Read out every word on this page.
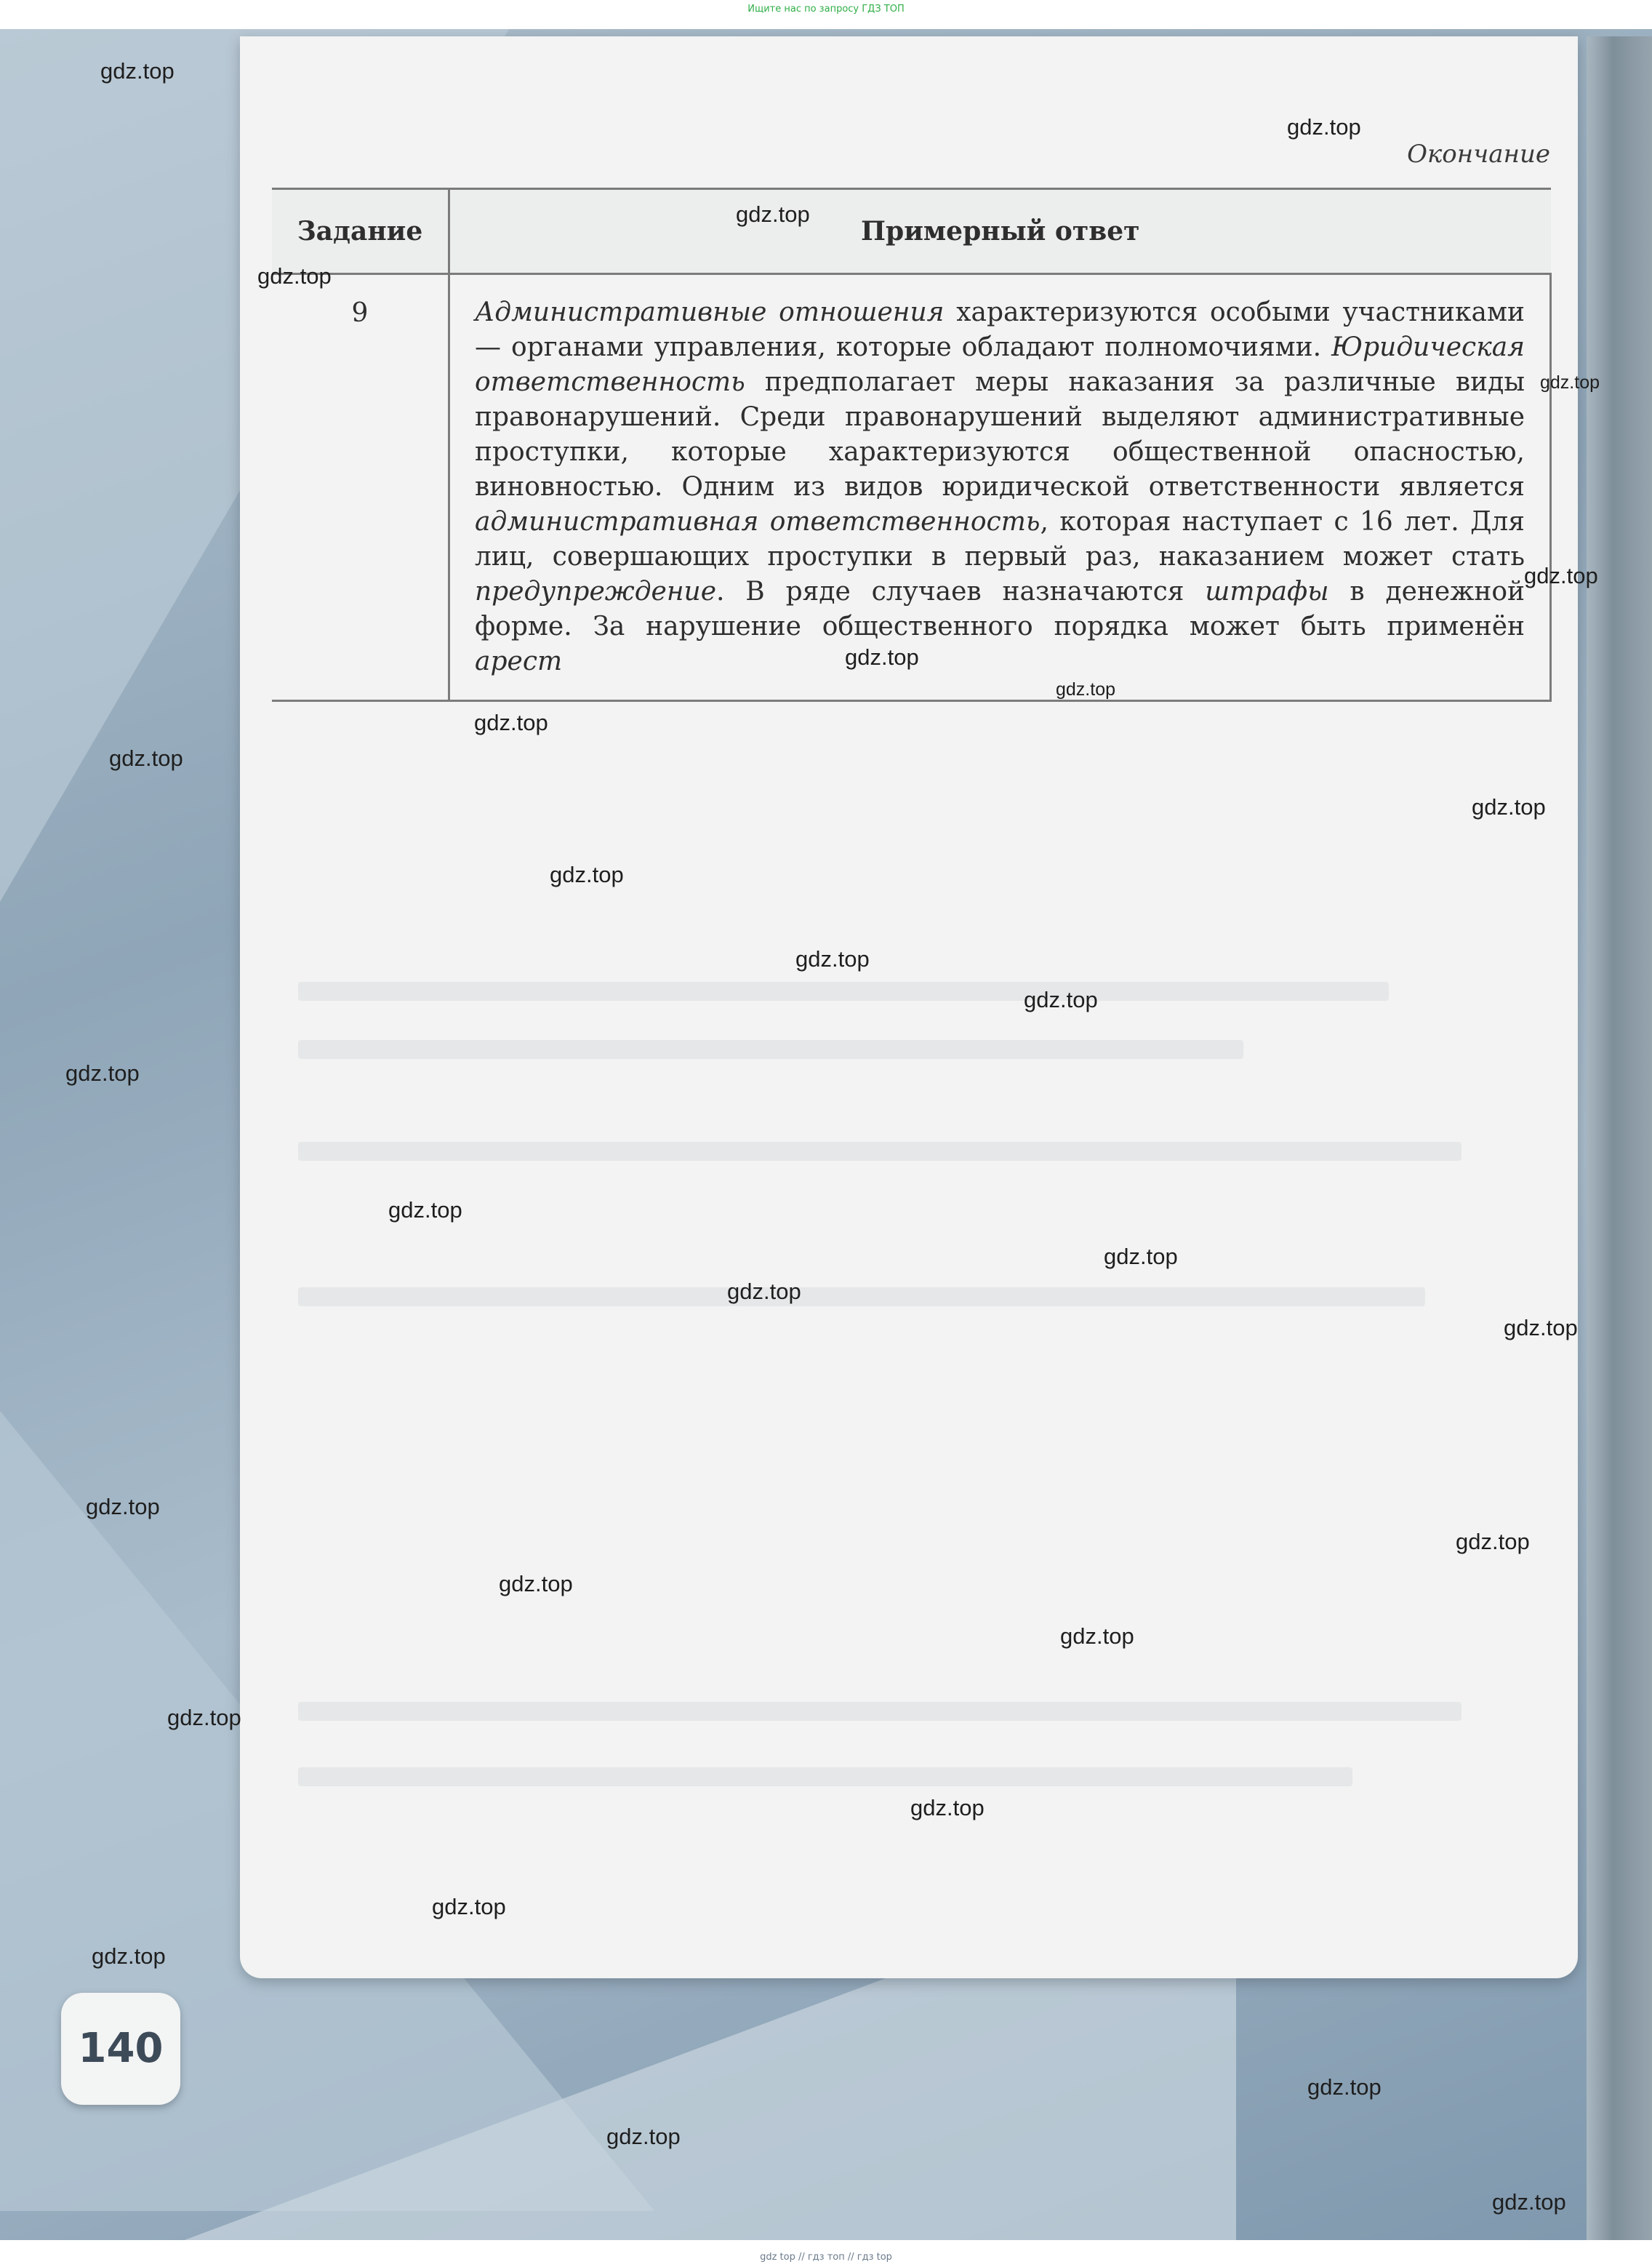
Ищите нас по запросу ГДЗ ТОП
Окончание
Задание	Примерный ответ
9	Административные отношения характеризуются особыми участниками — органами управления, которые обладают полномочиями. Юридическая ответственность предполагает меры наказания за различные виды правонарушений. Среди правонарушений выделяют административные проступки, которые характеризуются общественной опасностью, виновностью. Одним из видов юридической ответственности является административная ответственность, которая наступает с 16 лет. Для лиц, совершающих проступки в первый раз, наказанием может стать предупреждение. В ряде случаев назначаются штрафы в денежной форме. За нарушение общественного порядка может быть применён арест
140
gdz.top
gdz.top
gdz.top
gdz.top
gdz.top
gdz.top
gdz.top
gdz.top
gdz.top
gdz.top
gdz.top
gdz.top
gdz.top
gdz.top
gdz.top
gdz.top
gdz.top
gdz.top
gdz.top
gdz.top
gdz.top
gdz.top
gdz.top
gdz.top
gdz.top
gdz.top
gdz.top
gdz.top
gdz.top
gdz.top
gdz top // гдз топ // гдз top
